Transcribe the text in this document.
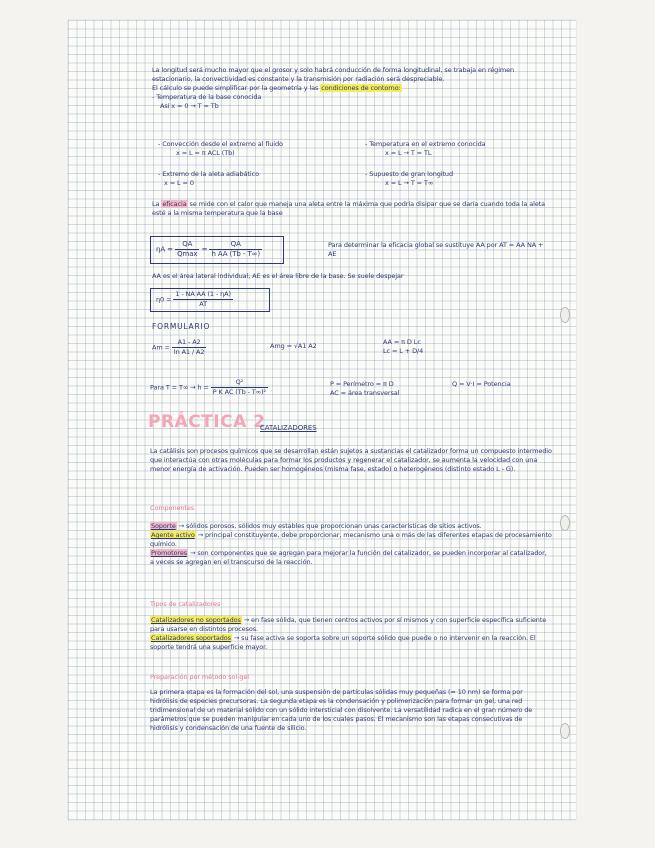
La longitud será mucho mayor que el grosor y solo habrá conducción de forma longitudinal, se trabaja en régimen estacionario, la convectividad es constante y la transmisión por radiación será despreciable.

El cálculo se puede simplificar por la geometría y las condiciones de contorno:

- Temperatura de la base conocida

Así x = 0 → T = Tb

- Convección desde el extremo al fluido

x = L = π ACL (Tb)

- Temperatura en el extremo conocida

x = L → T = TL

- Extremo de la aleta adiabático

x = L = 0

- Supuesto de gran longitud

x = L → T = T∞

La eficacia se mide con el calor que maneja una aleta entre la máxima que podría disipar que se daría cuando toda la aleta esté a la misma temperatura que la base

$\eta A = \frac{QA}{Qmax} = \frac{QA}{\text{h AA (Tb - T∞)}}$	Para determinar la eficacia global se sustituye AA por AT = AA NA + AE

AA es el área lateral individual, AE es el área libre de la base. Se suele despejar

$\eta 0 = \frac{\text{1 - NA AA (1 - ηA)}}{AT}$
FORMULARIO
$Am = \frac{A1 - A2}{\text{ln A1 / A2}}$	Amg = √A1 A2	AA = π D Lc

Lc = L + D/4

Para $T = T\infty \to h = \frac{\text{Q²}}{\text{P K AC (Tb - T∞)²}}$	P = Perímetro = π D

AC = área transversal

Q = V·I = Potencia
PRÁCTICA 2
CATALIZADORES

La catálisis son procesos químicos que se desarrollan están sujetos a sustancias el catalizador forma un compuesto intermedio que interactúa con otras moléculas para formar los productos y regenerar el catalizador, se aumenta la velocidad con una menor energía de activación. Pueden ser homogéneos (misma fase, estado) o heterogéneos (distinto estado L - G).

Componentes

Soporte → sólidos porosos, sólidos muy estables que proporcionan unas características de sitios activos.

Agente activo → principal constituyente, debe proporcionar, mecanismo una o más de las diferentes etapas de procesamiento químico.

Promotores → son componentes que se agregan para mejorar la función del catalizador, se pueden incorporar al catalizador, a veces se agregan en el transcurso de la reacción.

Tipos de catalizadores

Catalizadores no soportados → en fase sólida, que tienen centros activos por sí mismos y con superficie específica suficiente para usarse en distintos procesos.

Catalizadores soportados → su fase activa se soporta sobre un soporte sólido que puede o no intervenir en la reacción. El soporte tendrá una superficie mayor.

Preparación por método sol-gel

La primera etapa es la formación del sol, una suspensión de partículas sólidas muy pequeñas (≈ 10 nm) se forma por hidrólisis de especies precursoras. La segunda etapa es la condensación y polimerización para formar un gel, una red tridimensional de un material sólido con un sólido intersticial con disolvente. La versatilidad radica en el gran número de parámetros que se pueden manipular en cada uno de los cuales pasos. El mecanismo son las etapas consecutivas de hidrólisis y condensación de una fuente de silicio.
